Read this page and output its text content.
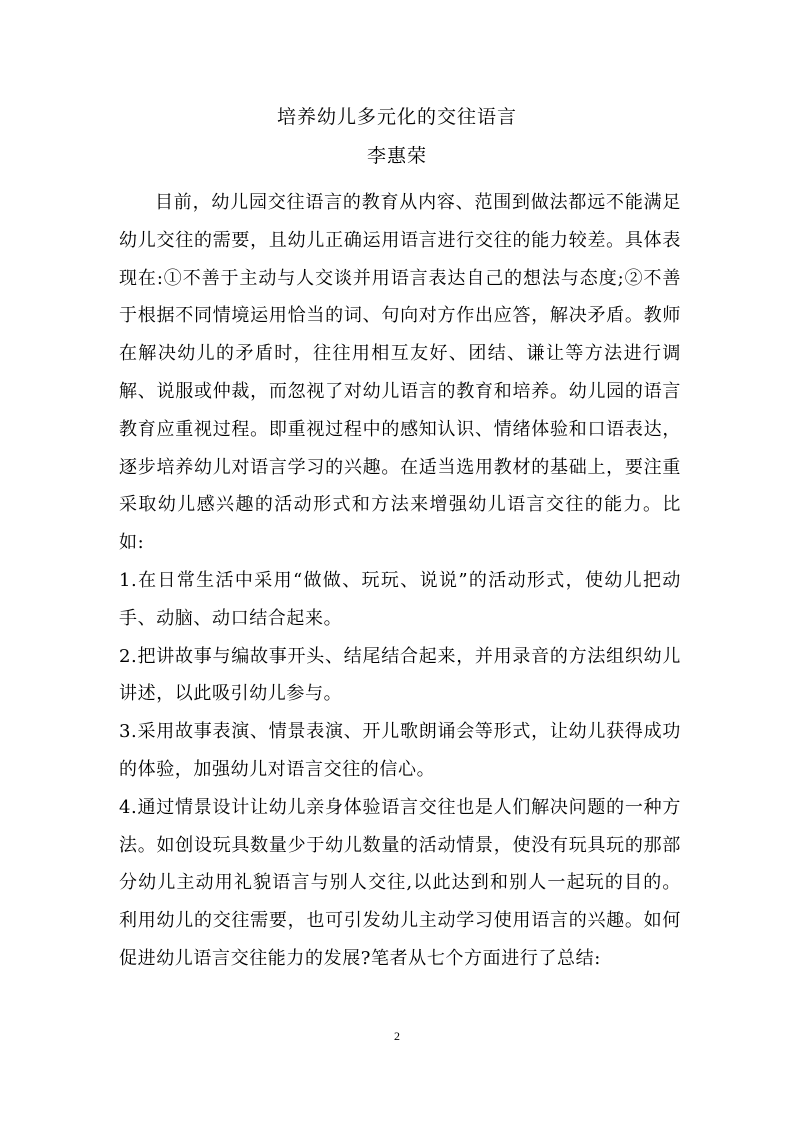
培养幼儿多元化的交往语言
李惠荣

目前，幼儿园交往语言的教育从内容、范围到做法都远不能满足幼儿交往的需要，且幼儿正确运用语言进行交往的能力较差。具体表现在:①不善于主动与人交谈并用语言表达自己的想法与态度;②不善于根据不同情境运用恰当的词、句向对方作出应答，解决矛盾。教师在解决幼儿的矛盾时，往往用相互友好、团结、谦让等方法进行调解、说服或仲裁，而忽视了对幼儿语言的教育和培养。幼儿园的语言教育应重视过程。即重视过程中的感知认识、情绪体验和口语表达，逐步培养幼儿对语言学习的兴趣。在适当选用教材的基础上，要注重采取幼儿感兴趣的活动形式和方法来增强幼儿语言交往的能力。比如:

1.在日常生活中采用“做做、玩玩、说说”的活动形式，使幼儿把动手、动脑、动口结合起来。

2.把讲故事与编故事开头、结尾结合起来，并用录音的方法组织幼儿讲述，以此吸引幼儿参与。

3.采用故事表演、情景表演、开儿歌朗诵会等形式，让幼儿获得成功的体验，加强幼儿对语言交往的信心。

4.通过情景设计让幼儿亲身体验语言交往也是人们解决问题的一种方法。如创设玩具数量少于幼儿数量的活动情景，使没有玩具玩的那部分幼儿主动用礼貌语言与别人交往,以此达到和别人一起玩的目的。利用幼儿的交往需要，也可引发幼儿主动学习使用语言的兴趣。如何促进幼儿语言交往能力的发展?笔者从七个方面进行了总结:

2
